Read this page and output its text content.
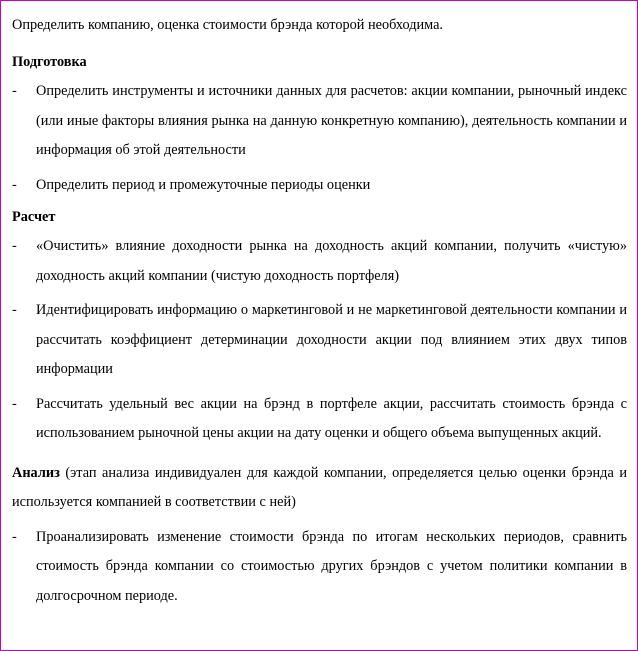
Определить компанию, оценка стоимости брэнда которой необходима.

Подготовка

- Определить инструменты и источники данных для расчетов: акции компании, рыночный индекс (или иные факторы влияния рынка на данную конкретную компанию), деятельность компании и информация об этой деятельности
- Определить период и промежуточные периоды оценки

Расчет

- «Очистить» влияние доходности рынка на доходность акций компании, получить «чистую» доходность акций компании (чистую доходность портфеля)
- Идентифицировать информацию о маркетинговой и не маркетинговой деятельности компании и рассчитать коэффициент детерминации доходности акции под влиянием этих двух типов информации
- Рассчитать удельный вес акции на брэнд в портфеле акции, рассчитать стоимость брэнда с использованием рыночной цены акции на дату оценки и общего объема выпущенных акций.

Анализ (этап анализа индивидуален для каждой компании, определяется целью оценки брэнда и используется компанией в соответствии с ней)

- Проанализировать изменение стоимости брэнда по итогам нескольких периодов, сравнить стоимость брэнда компании со стоимостью других брэндов с учетом политики компании в долгосрочном периоде.
